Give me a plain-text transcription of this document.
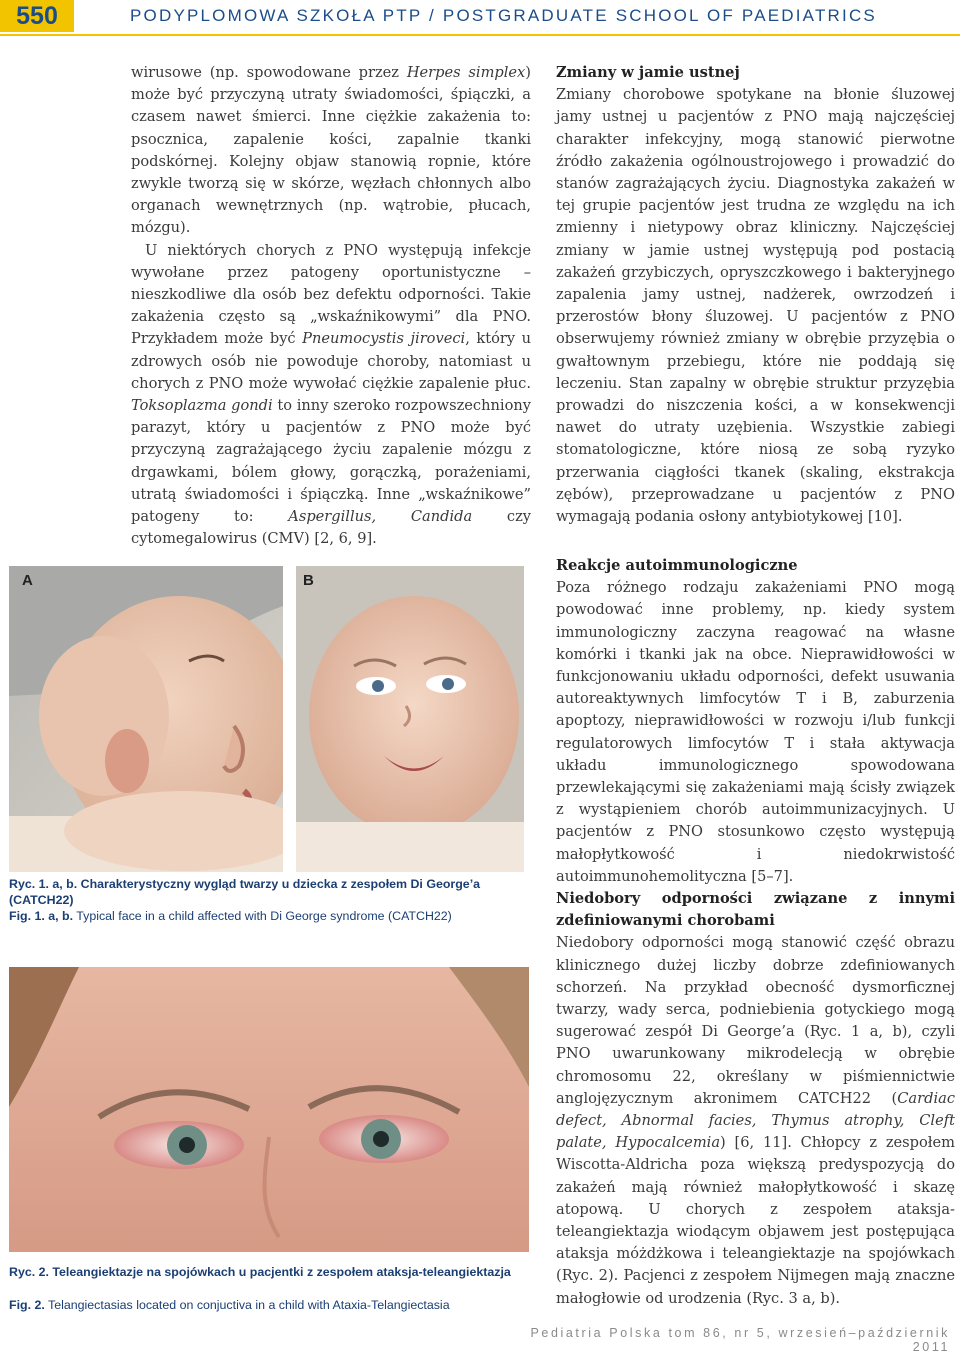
550	PODYPLOMOWA SZKOŁA PTP / POSTGRADUATE SCHOOL OF PAEDIATRICS

wirusowe (np. spowodowane przez Herpes simplex) może być przyczyną utraty świadomości, śpiączki, a czasem nawet śmierci. Inne ciężkie zakażenia to: psocznica, zapalenie kości, zapalnie tkanki podskórnej. Kolejny objaw stanowią ropnie, które zwykle tworzą się w skórze, węzłach chłonnych albo organach wewnętrznych (np. wątrobie, płucach, mózgu).

U niektórych chorych z PNO występują infekcje wywołane przez patogeny oportunistyczne – nieszkodliwe dla osób bez defektu odporności. Takie zakażenia często są „wskaźnikowymi” dla PNO. Przykładem może być Pneumocystis jiroveci, który u zdrowych osób nie powoduje choroby, natomiast u chorych z PNO może wywołać ciężkie zapalenie płuc. Toksoplazma gondi to inny szeroko rozpowszechniony parazyt, który u pacjentów z PNO może być przyczyną zagrażającego życiu zapalenie mózgu z drgawkami, bólem głowy, gorączką, porażeniami, utratą świadomości i śpiączką. Inne „wskaźnikowe” patogeny to: Aspergillus, Candida czy cytomegalowirus (CMV) [2, 6, 9].

Zmiany w jamie ustnej

Zmiany chorobowe spotykane na błonie śluzowej jamy ustnej u pacjentów z PNO mają najczęściej charakter infekcyjny, mogą stanowić pierwotne źródło zakażenia ogólnoustrojowego i prowadzić do stanów zagrażających życiu. Diagnostyka zakażeń w tej grupie pacjentów jest trudna ze względu na ich zmienny i nietypowy obraz kliniczny. Najczęściej zmiany w jamie ustnej występują pod postacią zakażeń grzybiczych, opryszczkowego i bakteryjnego zapalenia jamy ustnej, nadżerek, owrzodzeń i przerostów błony śluzowej. U pacjentów z PNO obserwujemy również zmiany w obrębie przyzębia o gwałtownym przebiegu, które nie poddają się leczeniu. Stan zapalny w obrębie struktur przyzębia prowadzi do niszczenia kości, a w konsekwencji nawet do utraty uzębienia. Wszystkie zabiegi stomatologiczne, które niosą ze sobą ryzyko przerwania ciągłości tkanek (skaling, ekstrakcja zębów), przeprowadzane u pacjentów z PNO wymagają podania osłony antybiotykowej [10].

Reakcje autoimmunologiczne

Poza różnego rodzaju zakażeniami PNO mogą powodować inne problemy, np. kiedy system immunologiczny zaczyna reagować na własne komórki i tkanki jak na obce. Nieprawidłowości w funkcjonowaniu układu odporności, defekt usuwania autoreaktywnych limfocytów T i B, zaburzenia apoptozy, nieprawidłowości w rozwoju i/lub funkcji regulatorowych limfocytów T i stała aktywacja układu immunologicznego spowodowana przewlekającymi się zakażeniami mają ścisły związek z wystąpieniem chorób autoimmunizacyjnych. U pacjentów z PNO stosunkowo często występują małopłytkowość i niedokrwistość autoimmunohemolityczna [5–7].

Niedobory odporności związane z innymi zdefiniowanymi chorobami

Niedobory odporności mogą stanowić część obrazu klinicznego dużej liczby dobrze zdefiniowanych schorzeń. Na przykład obecność dysmorficznej twarzy, wady serca, podniebienia gotyckiego mogą sugerować zespół Di George’a (Ryc. 1 a, b), czyli PNO uwarunkowany mikrodelecją w obrębie chromosomu 22, określany w piśmiennictwie anglojęzycznym akronimem CATCH22 (Cardiac defect, Abnormal facies, Thymus atrophy, Cleft palate, Hypocalcemia) [6, 11]. Chłopcy z zespołem Wiscotta-Aldricha poza większą predyspozycją do zakażeń mają również małopłytkowość i skazę atopową. U chorych z zespołem ataksja-teleangiektazja wiodącym objawem jest postępująca ataksja móżdżkowa i teleangiektazje na spojówkach (Ryc. 2). Pacjenci z zespołem Nijmegen mają znaczne małogłowie od urodzenia (Ryc. 3 a, b).

A	B
Ryc. 1. a, b. Charakterystyczny wygląd twarzy u dziecka z zespołem Di George’a (CATCH22)
Fig. 1. a, b. Typical face in a child affected with Di George syndrome (CATCH22)
Ryc. 2. Teleangiektazje na spojówkach u pacjentki z zespołem ataksja-teleangiektazja
Fig. 2. Telangiectasias located on conjuctiva in a child with Ataxia-Telangiectasia
Pediatria Polska tom 86, nr 5, wrzesień–październik 2011
